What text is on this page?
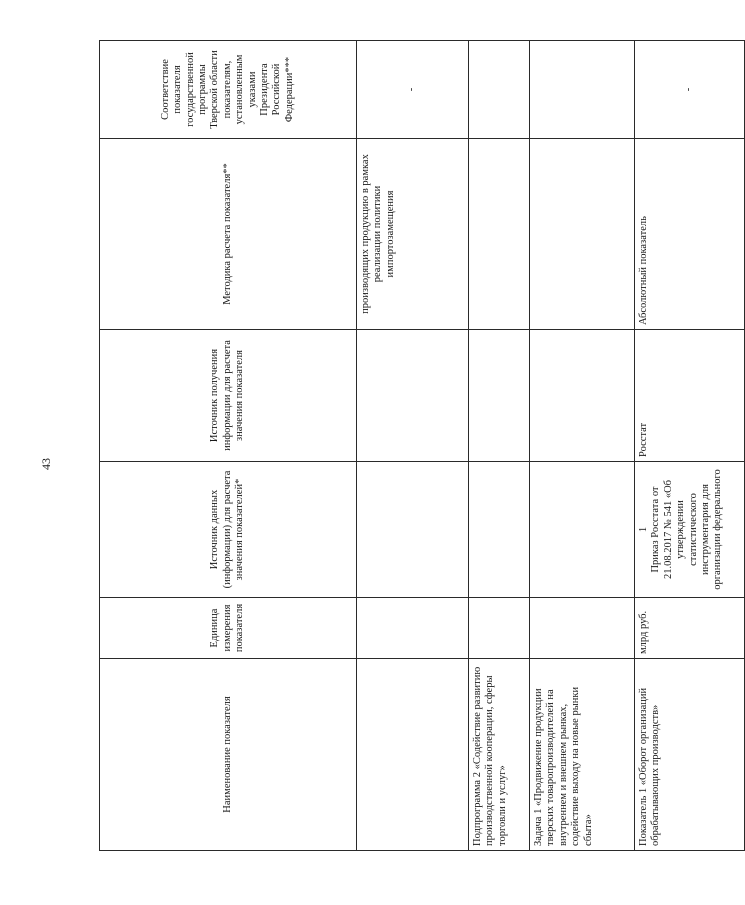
43
Наименование показателя	Единица измерения показателя	Источник данных (информации) для расчета значения показателей*	Источник получения информации для расчета значения показателя	Методика расчета показателя**	Соответствие показателя государственной программы Тверской области показателям, установленным указами Президента Российской Федерации***
				производящих продукцию в рамках реализации политики импортозамещения	-
Подпрограмма 2 «Содействие развитию производственной кооперации, сферы торговли и услуг»					
Задача 1 «Продвижение продукции тверских товаропроизводителей на внутреннем и внешнем рынках, содействие выходу на новые рынки сбыта»					
Показатель 1 «Оборот организаций обрабатывающих производств»	млрд руб.	1 Приказ Росстата от 21.08.2017 № 541 «Об утверждении статистического инструментария для организации федерального	Росстат	Абсолютный показатель	-
